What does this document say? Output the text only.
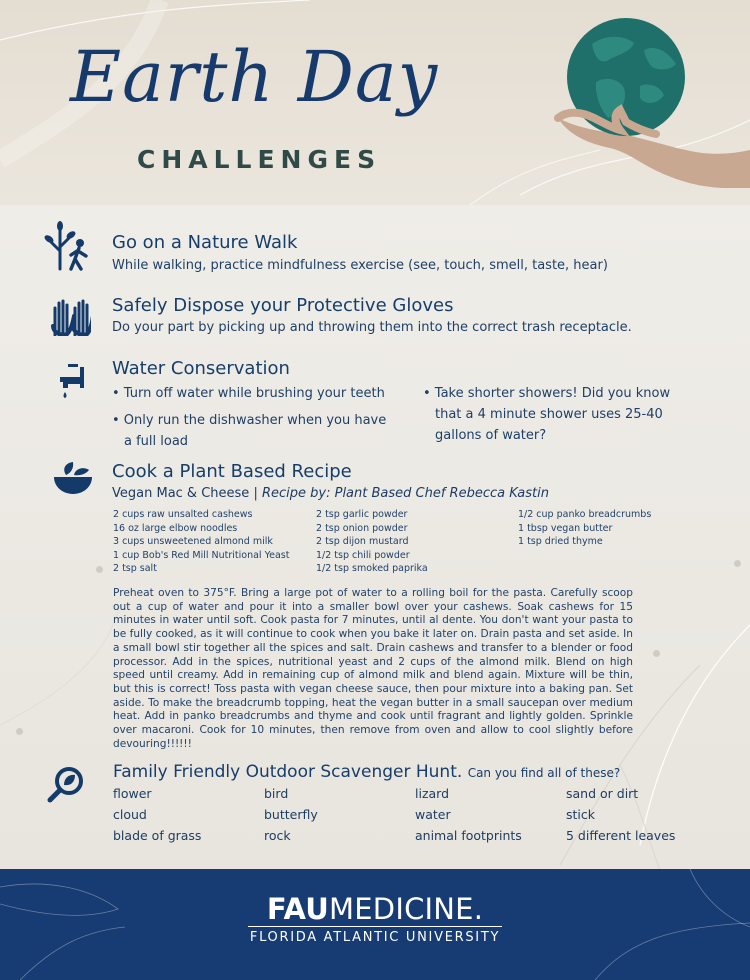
Earth Day
CHALLENGES
Go on a Nature Walk
While walking, practice mindfulness exercise (see, touch, smell, taste, hear)
Safely Dispose your Protective Gloves
Do your part by picking up and throwing them into the correct trash receptacle.
Water Conservation
• Turn off water while brushing your teeth
• Only run the dishwasher when you have
a full load
• Take shorter showers! Did you know
that a 4 minute shower uses 25-40
gallons of water?
Cook a Plant Based Recipe
Vegan Mac & Cheese | Recipe by: Plant Based Chef Rebecca Kastin
2 cups raw unsalted cashews
16 oz large elbow noodles
3 cups unsweetened almond milk
1 cup Bob's Red Mill Nutritional Yeast
2 tsp salt
2 tsp garlic powder
2 tsp onion powder
2 tsp dijon mustard
1/2 tsp chili powder
1/2 tsp smoked paprika
1/2 cup panko breadcrumbs
1 tbsp vegan butter
1 tsp dried thyme
Preheat oven to 375°F. Bring a large pot of water to a rolling boil for the pasta. Carefully scoop out a cup of water and pour it into a smaller bowl over your cashews. Soak cashews for 15 minutes in water until soft. Cook pasta for 7 minutes, until al dente. You don't want your pasta to be fully cooked, as it will continue to cook when you bake it later on. Drain pasta and set aside. In a small bowl stir together all the spices and salt. Drain cashews and transfer to a blender or food processor. Add in the spices, nutritional yeast and 2 cups of the almond milk. Blend on high speed until creamy. Add in remaining cup of almond milk and blend again. Mixture will be thin, but this is correct! Toss pasta with vegan cheese sauce, then pour mixture into a baking pan. Set aside. To make the breadcrumb topping, heat the vegan butter in a small saucepan over medium heat. Add in panko breadcrumbs and thyme and cook until fragrant and lightly golden. Sprinkle over macaroni. Cook for 10 minutes, then remove from oven and allow to cool slightly before devouring!!!!!!
Family Friendly Outdoor Scavenger Hunt. Can you find all of these?
flower	bird	lizard	sand or dirt
cloud	butterfly	water	stick
blade of grass	rock	animal footprints	5 different leaves
FAUMEDICINE.
FLORIDA ATLANTIC UNIVERSITY
